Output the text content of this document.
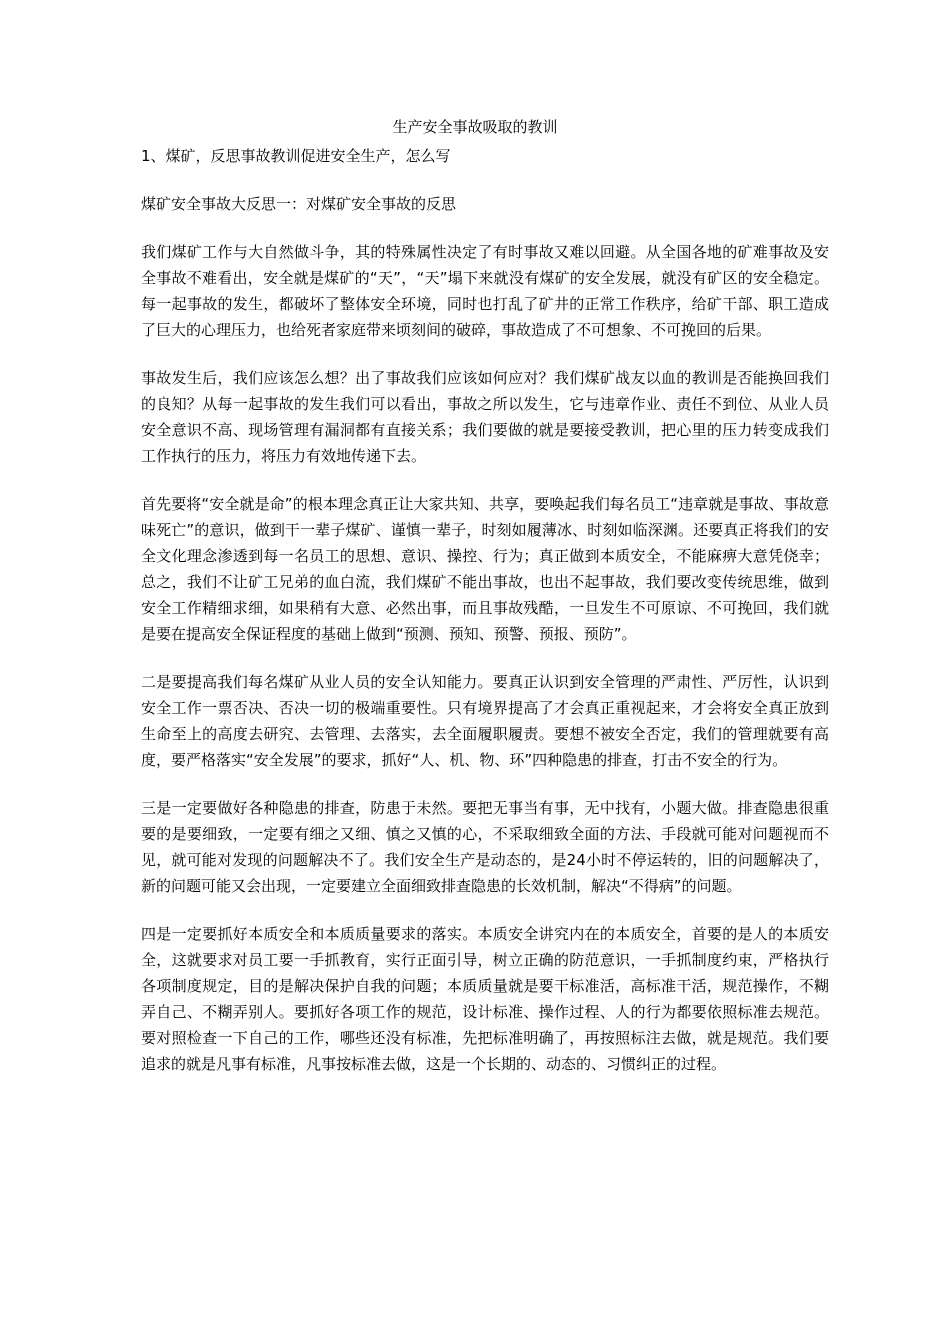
生产安全事故吸取的教训

1、煤矿，反思事故教训促进安全生产，怎么写

煤矿安全事故大反思一：对煤矿安全事故的反思

我们煤矿工作与大自然做斗争，其的特殊属性决定了有时事故又难以回避。从全国各地的矿难事故及安全事故不难看出，安全就是煤矿的“天”，“天”塌下来就没有煤矿的安全发展，就没有矿区的安全稳定。每一起事故的发生，都破坏了整体安全环境，同时也打乱了矿井的正常工作秩序，给矿干部、职工造成了巨大的心理压力，也给死者家庭带来顷刻间的破碎，事故造成了不可想象、不可挽回的后果。

事故发生后，我们应该怎么想？出了事故我们应该如何应对？我们煤矿战友以血的教训是否能换回我们的良知？从每一起事故的发生我们可以看出，事故之所以发生，它与违章作业、责任不到位、从业人员安全意识不高、现场管理有漏洞都有直接关系；我们要做的就是要接受教训，把心里的压力转变成我们工作执行的压力，将压力有效地传递下去。

首先要将“安全就是命”的根本理念真正让大家共知、共享，要唤起我们每名员工“违章就是事故、事故意味死亡”的意识，做到干一辈子煤矿、谨慎一辈子，时刻如履薄冰、时刻如临深渊。还要真正将我们的安全文化理念渗透到每一名员工的思想、意识、操控、行为；真正做到本质安全，不能麻痹大意凭侥幸；总之，我们不让矿工兄弟的血白流，我们煤矿不能出事故，也出不起事故，我们要改变传统思维，做到安全工作精细求细，如果稍有大意、必然出事，而且事故残酷，一旦发生不可原谅、不可挽回，我们就是要在提高安全保证程度的基础上做到“预测、预知、预警、预报、预防”。

二是要提高我们每名煤矿从业人员的安全认知能力。要真正认识到安全管理的严肃性、严厉性，认识到安全工作一票否决、否决一切的极端重要性。只有境界提高了才会真正重视起来，才会将安全真正放到生命至上的高度去研究、去管理、去落实，去全面履职履责。要想不被安全否定，我们的管理就要有高度，要严格落实“安全发展”的要求，抓好“人、机、物、环”四种隐患的排查，打击不安全的行为。

三是一定要做好各种隐患的排查，防患于未然。要把无事当有事，无中找有，小题大做。排查隐患很重要的是要细致，一定要有细之又细、慎之又慎的心，不采取细致全面的方法、手段就可能对问题视而不见，就可能对发现的问题解决不了。我们安全生产是动态的，是24小时不停运转的，旧的问题解决了，新的问题可能又会出现，一定要建立全面细致排查隐患的长效机制，解决“不得病”的问题。

四是一定要抓好本质安全和本质质量要求的落实。本质安全讲究内在的本质安全，首要的是人的本质安全，这就要求对员工要一手抓教育，实行正面引导，树立正确的防范意识，一手抓制度约束，严格执行各项制度规定，目的是解决保护自我的问题；本质质量就是要干标准活，高标准干活，规范操作，不糊弄自己、不糊弄别人。要抓好各项工作的规范，设计标准、操作过程、人的行为都要依照标准去规范。要对照检查一下自己的工作，哪些还没有标准，先把标准明确了，再按照标注去做，就是规范。我们要追求的就是凡事有标准，凡事按标准去做，这是一个长期的、动态的、习惯纠正的过程。
